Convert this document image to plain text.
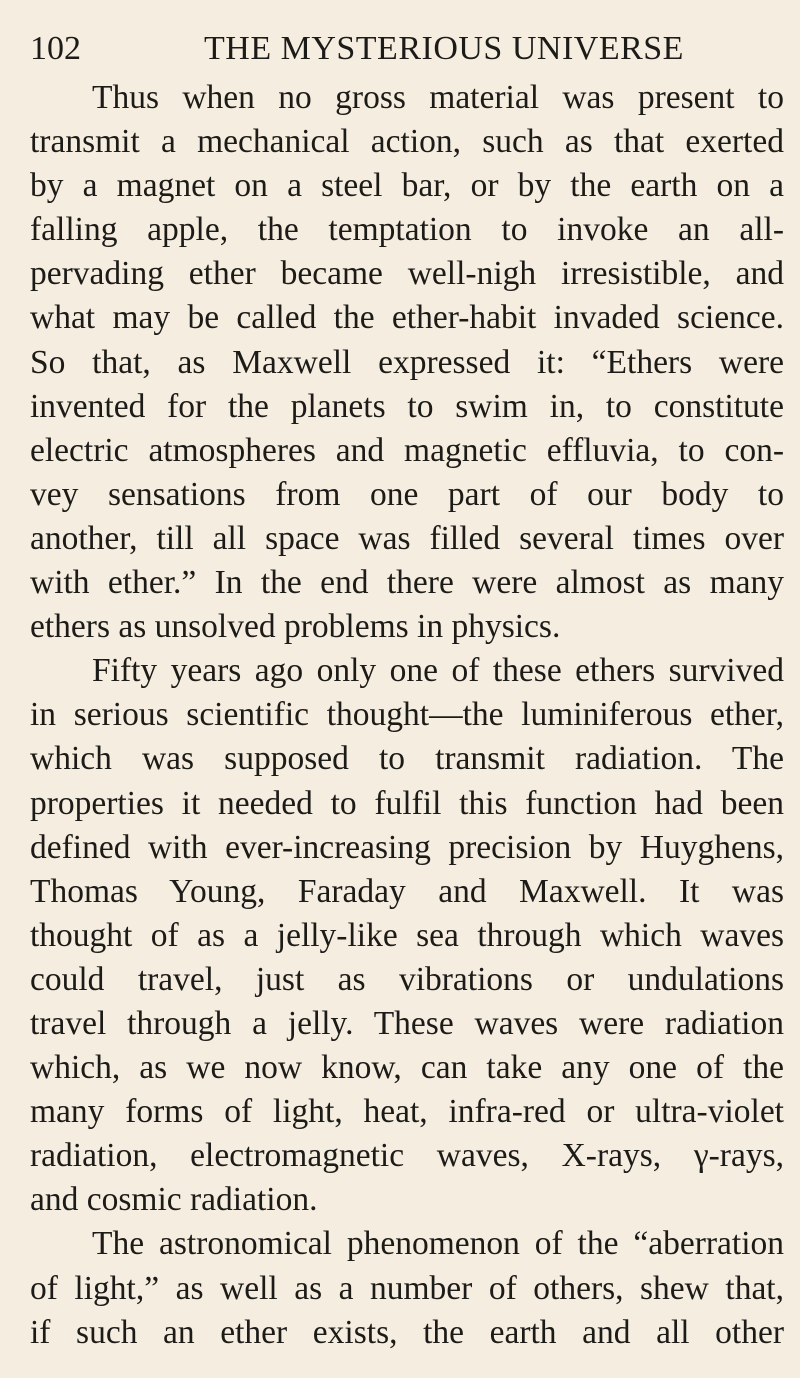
102	THE MYSTERIOUS UNIVERSE
Thus when no gross material was present to
transmit a mechanical action, such as that exerted
by a magnet on a steel bar, or by the earth on a
falling apple, the temptation to invoke an all-
pervading ether became well-nigh irresistible, and
what may be called the ether-habit invaded science.
So that, as Maxwell expressed it: “Ethers were
invented for the planets to swim in, to constitute
electric atmospheres and magnetic effluvia, to con-
vey sensations from one part of our body to
another, till all space was filled several times over
with ether.” In the end there were almost as many
ethers as unsolved problems in physics.
Fifty years ago only one of these ethers survived
in serious scientific thought—the luminiferous ether,
which was supposed to transmit radiation. The
properties it needed to fulfil this function had been
defined with ever-increasing precision by Huyghens,
Thomas Young, Faraday and Maxwell. It was
thought of as a jelly-like sea through which waves
could travel, just as vibrations or undulations
travel through a jelly. These waves were radiation
which, as we now know, can take any one of the
many forms of light, heat, infra-red or ultra-violet
radiation, electromagnetic waves, X-rays, γ-rays,
and cosmic radiation.
The astronomical phenomenon of the “aberration
of light,” as well as a number of others, shew that,
if such an ether exists, the earth and all other
